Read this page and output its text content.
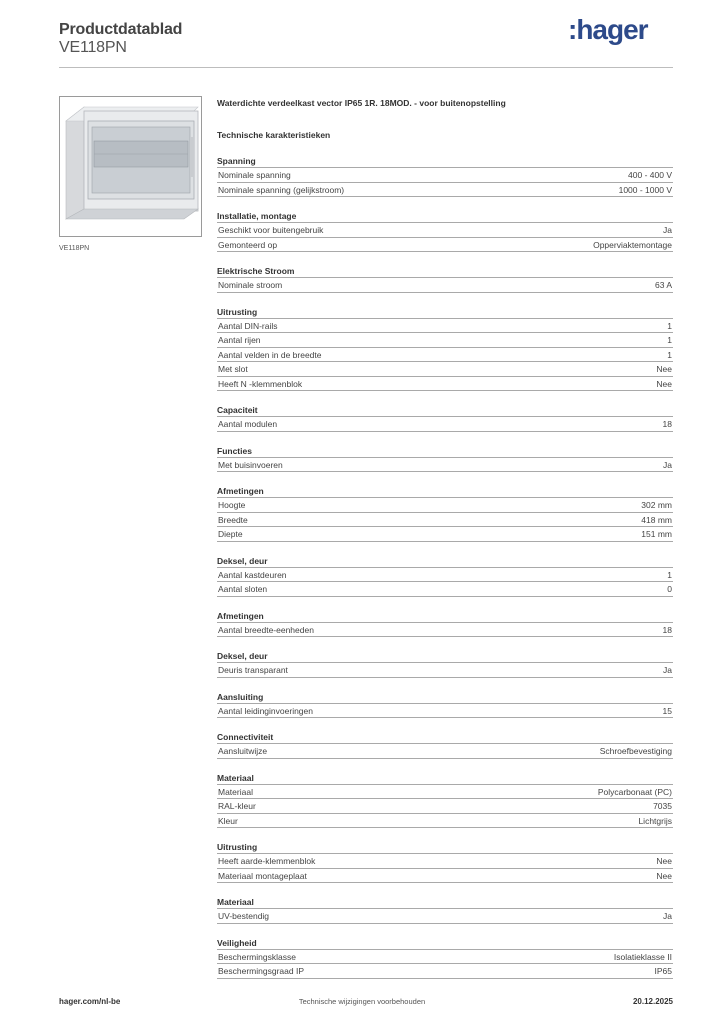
Productdatablad
VE118PN
:hager
VE118PN
Waterdichte verdeelkast vector IP65 1R. 18MOD. - voor buitenopstelling
Technische karakteristieken
Spanning
Nominale spanning	400 - 400 V
Nominale spanning (gelijkstroom)	1000 - 1000 V
Installatie, montage
Geschikt voor buitengebruik	Ja
Gemonteerd op	Opperviaktemontage
Elektrische Stroom
Nominale stroom	63 A
Uitrusting
Aantal DIN-rails	1
Aantal rijen	1
Aantal velden in de breedte	1
Met slot	Nee
Heeft N -klemmenblok	Nee
Capaciteit
Aantal modulen	18
Functies
Met buisinvoeren	Ja
Afmetingen
Hoogte	302 mm
Breedte	418 mm
Diepte	151 mm
Deksel, deur
Aantal kastdeuren	1
Aantal sloten	0
Afmetingen
Aantal breedte-eenheden	18
Deksel, deur
Deuris transparant	Ja
Aansluiting
Aantal leidinginvoeringen	15
Connectiviteit
Aansluitwijze	Schroefbevestiging
Materiaal
Materiaal	Polycarbonaat (PC)
RAL-kleur	7035
Kleur	Lichtgrijs
Uitrusting
Heeft aarde-klemmenblok	Nee
Materiaal montageplaat	Nee
Materiaal
UV-bestendig	Ja
Veiligheid
Beschermingsklasse	Isolatieklasse II
Beschermingsgraad IP	IP65
hager.com/nl-be	Technische wijzigingen voorbehouden	20.12.2025
